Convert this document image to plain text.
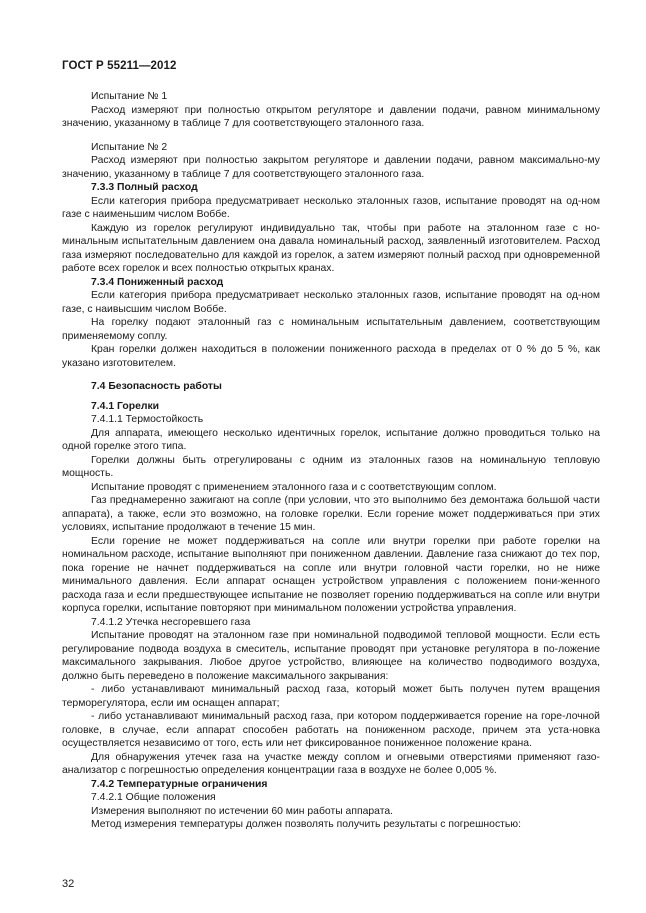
ГОСТ Р 55211—2012

Испытание № 1

Расход измеряют при полностью открытом регуляторе и давлении подачи, равном минимальному значению, указанному в таблице 7 для соответствующего эталонного газа.

Испытание № 2

Расход измеряют при полностью закрытом регуляторе и давлении подачи, равном максимально-му значению, указанному в таблице 7 для соответствующего эталонного газа.

7.3.3 Полный расход

Если категория прибора предусматривает несколько эталонных газов, испытание проводят на од-ном газе с наименьшим числом Воббе.

Каждую из горелок регулируют индивидуально так, чтобы при работе на эталонном газе с но-минальным испытательным давлением она давала номинальный расход, заявленный изготовителем. Расход газа измеряют последовательно для каждой из горелок, а затем измеряют полный расход при одновременной работе всех горелок и всех полностью открытых кранах.

7.3.4 Пониженный расход

Если категория прибора предусматривает несколько эталонных газов, испытание проводят на од-ном газе, с наивысшим числом Воббе.

На горелку подают эталонный газ с номинальным испытательным давлением, соответствующим применяемому соплу.

Кран горелки должен находиться в положении пониженного расхода в пределах от 0 % до 5 %, как указано изготовителем.

7.4 Безопасность работы

7.4.1 Горелки

7.4.1.1 Термостойкость

Для аппарата, имеющего несколько идентичных горелок, испытание должно проводиться только на одной горелке этого типа.

Горелки должны быть отрегулированы с одним из эталонных газов на номинальную тепловую мощность.

Испытание проводят с применением эталонного газа и с соответствующим соплом.

Газ преднамеренно зажигают на сопле (при условии, что это выполнимо без демонтажа большой части аппарата), а также, если это возможно, на головке горелки. Если горение может поддерживаться при этих условиях, испытание продолжают в течение 15 мин.

Если горение не может поддерживаться на сопле или внутри горелки при работе горелки на номинальном расходе, испытание выполняют при пониженном давлении. Давление газа снижают до тех пор, пока горение не начнет поддерживаться на сопле или внутри головной части горелки, но не ниже минимального давления. Если аппарат оснащен устройством управления с положением пони-женного расхода газа и если предшествующее испытание не позволяет горению поддерживаться на сопле или внутри корпуса горелки, испытание повторяют при минимальном положении устройства управления.

7.4.1.2 Утечка несгоревшего газа

Испытание проводят на эталонном газе при номинальной подводимой тепловой мощности. Если есть регулирование подвода воздуха в смеситель, испытание проводят при установке регулятора в по-ложение максимального закрывания. Любое другое устройство, влияющее на количество подводимого воздуха, должно быть переведено в положение максимального закрывания:

- либо устанавливают минимальный расход газа, который может быть получен путем вращения терморегулятора, если им оснащен аппарат;

- либо устанавливают минимальный расход газа, при котором поддерживается горение на горе-лочной головке, в случае, если аппарат способен работать на пониженном расходе, причем эта уста-новка осуществляется независимо от того, есть или нет фиксированное пониженное положение крана.

Для обнаружения утечек газа на участке между соплом и огневыми отверстиями применяют газо-анализатор с погрешностью определения концентрации газа в воздухе не более 0,005 %.

7.4.2 Температурные ограничения

7.4.2.1 Общие положения

Измерения выполняют по истечении 60 мин работы аппарата.

Метод измерения температуры должен позволять получить результаты с погрешностью:

32
